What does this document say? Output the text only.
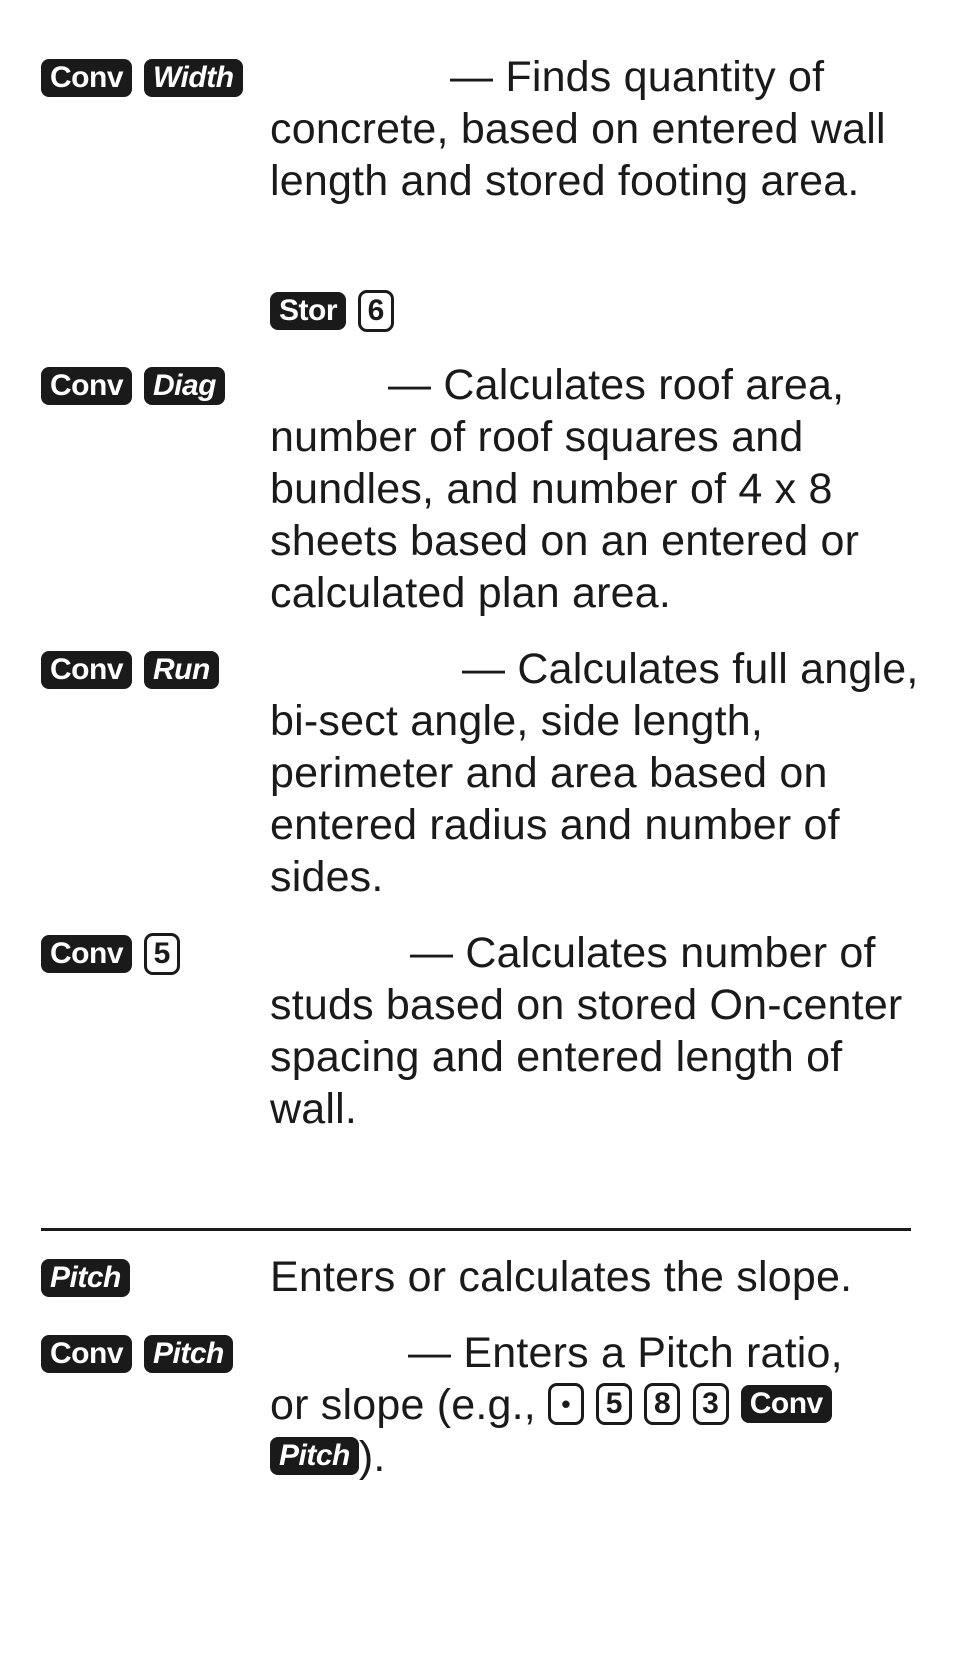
Conv	Width	— Finds quantity of concrete, based on entered wall length and stored footing area.
Stor	6
Conv	Diag	— Calculates roof area, number of roof squares and bundles, and number of 4 x 8 sheets based on an entered or calculated plan area.
Conv	Run	— Calculates full angle, bi-sect angle, side length, perimeter and area based on entered radius and number of sides.
Conv	5	— Calculates number of studs based on stored On-center spacing and entered length of wall.
Pitch	Enters or calculates the slope.
Conv	Pitch	— Enters a Pitch ratio,
or slope (e.g., • 5 8 3 Conv
Pitch ).
